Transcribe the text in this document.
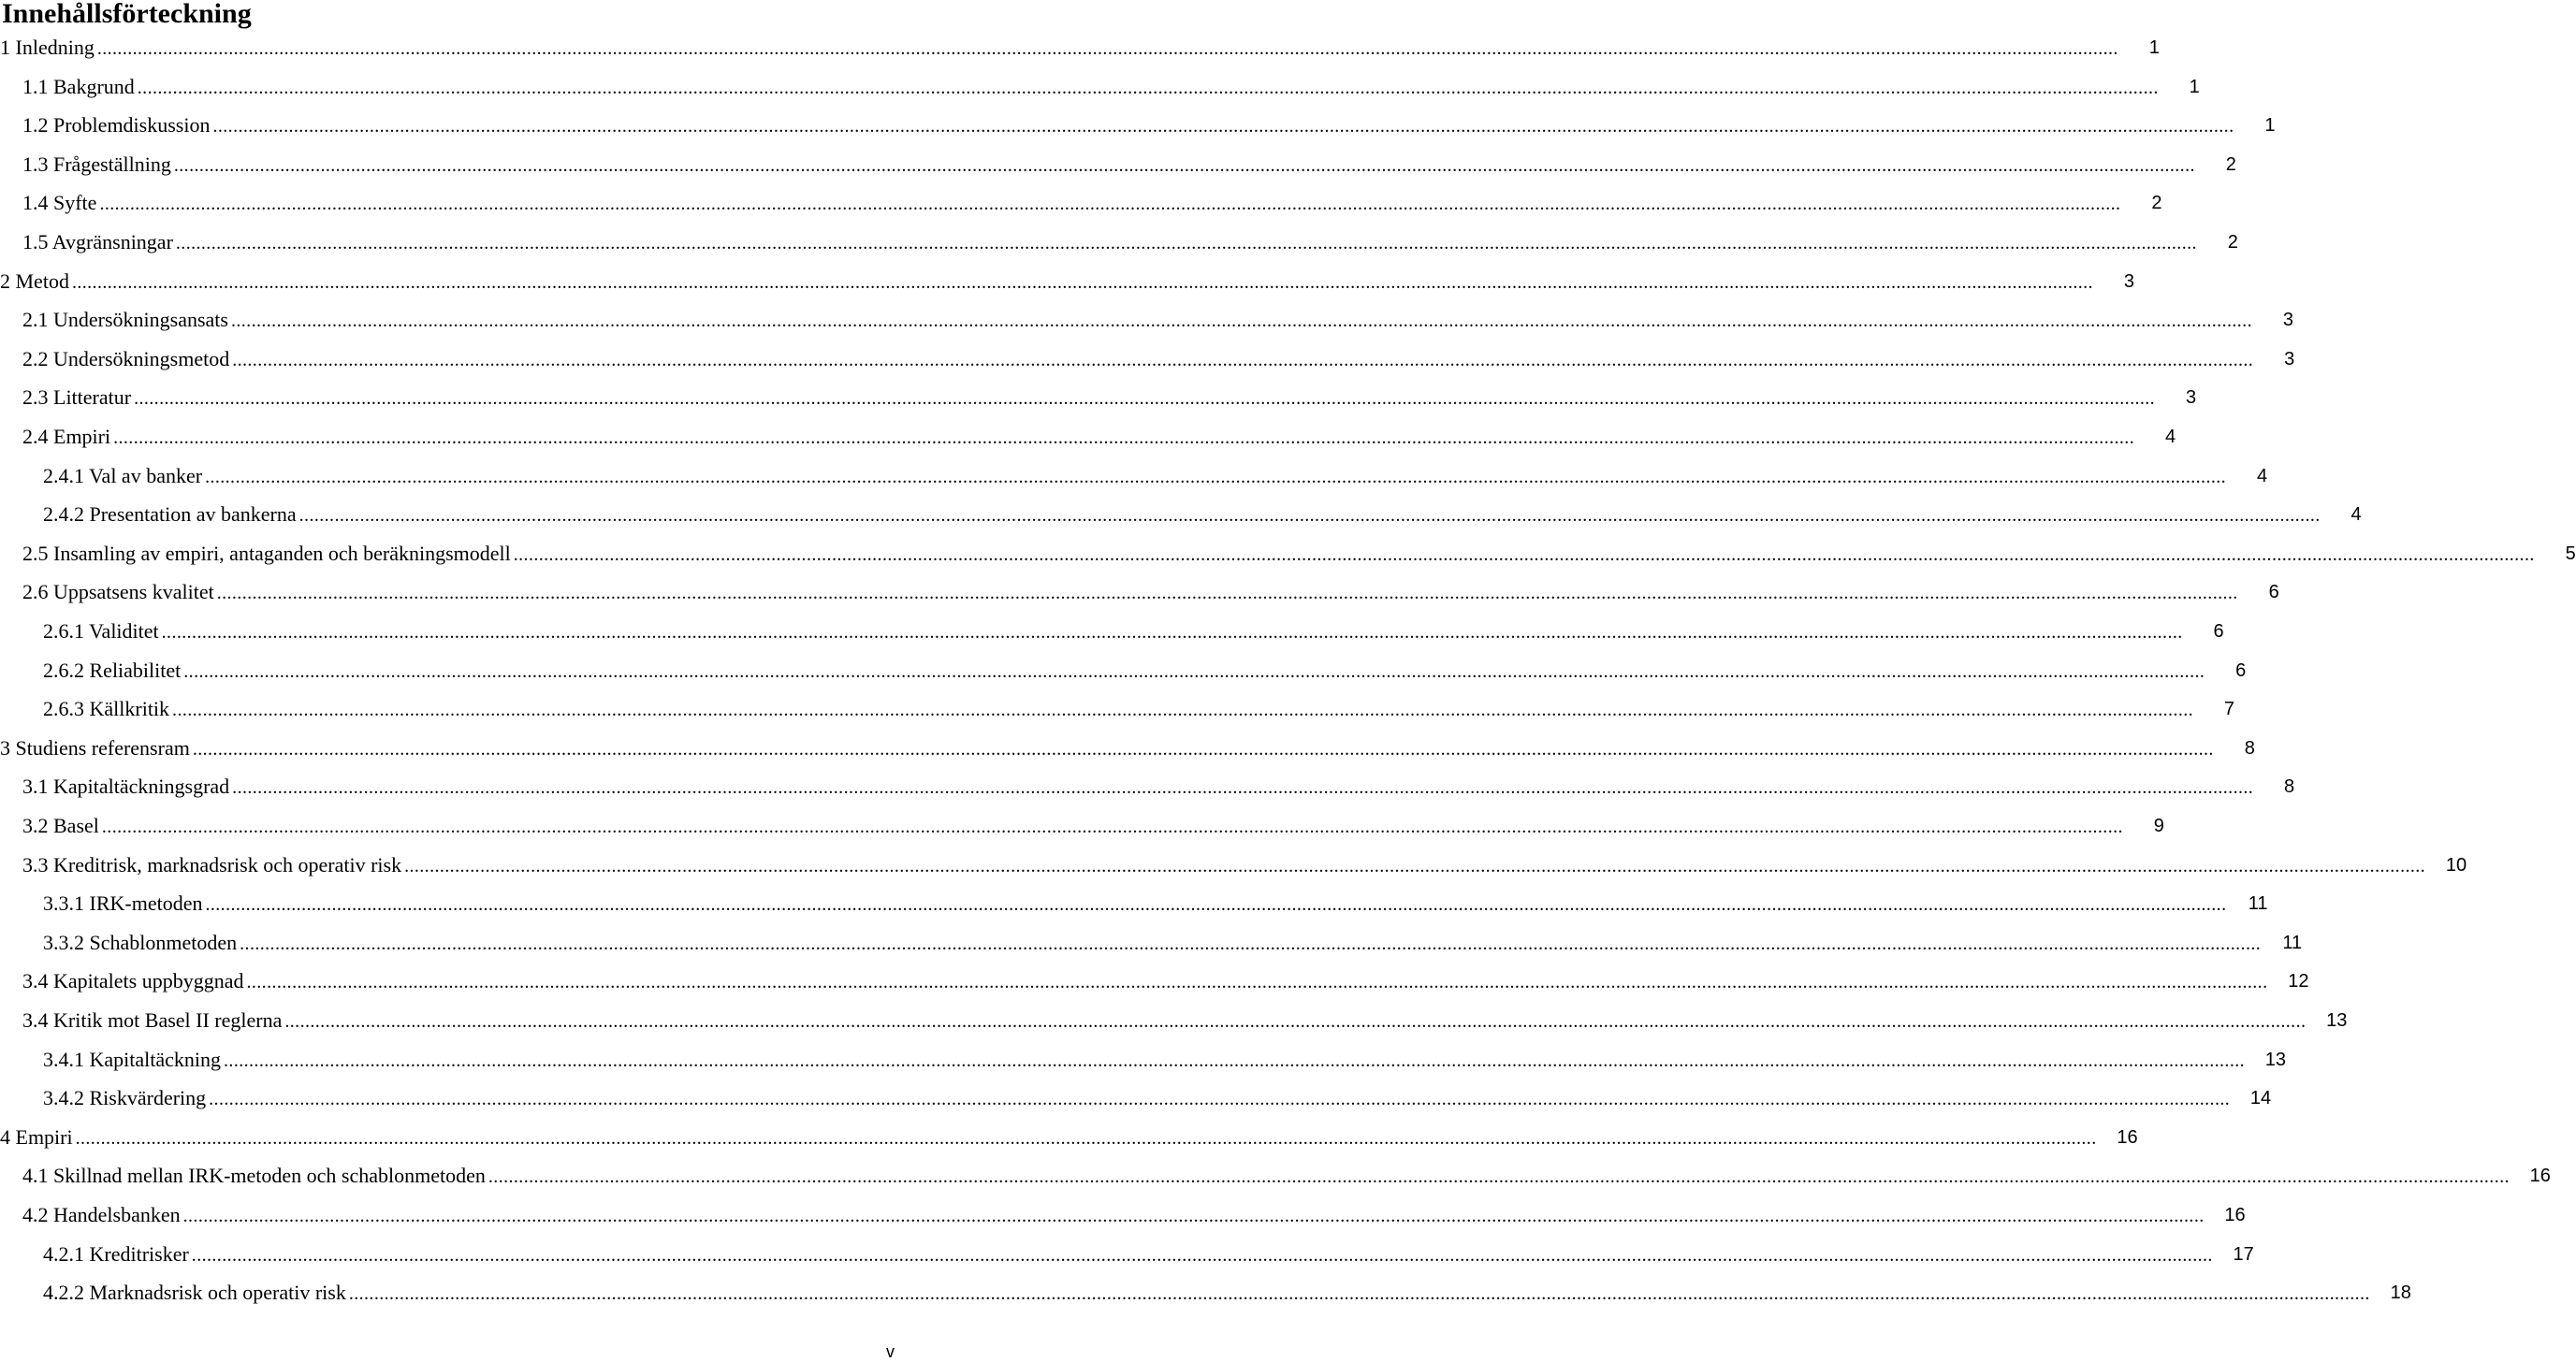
Innehållsförteckning
1 Inledning ................................................................................................................................................................................................................................................................................................................................................................................................................	1
1.1 Bakgrund ................................................................................................................................................................................................................................................................................................................................................................................................................	1
1.2 Problemdiskussion ................................................................................................................................................................................................................................................................................................................................................................................................................	1
1.3 Frågeställning ................................................................................................................................................................................................................................................................................................................................................................................................................	2
1.4 Syfte ................................................................................................................................................................................................................................................................................................................................................................................................................	2
1.5 Avgränsningar ................................................................................................................................................................................................................................................................................................................................................................................................................	2
2 Metod ................................................................................................................................................................................................................................................................................................................................................................................................................	3
2.1 Undersökningsansats ................................................................................................................................................................................................................................................................................................................................................................................................................	3
2.2 Undersökningsmetod ................................................................................................................................................................................................................................................................................................................................................................................................................	3
2.3 Litteratur ................................................................................................................................................................................................................................................................................................................................................................................................................	3
2.4 Empiri ................................................................................................................................................................................................................................................................................................................................................................................................................	4
2.4.1 Val av banker ................................................................................................................................................................................................................................................................................................................................................................................................................	4
2.4.2 Presentation av bankerna ................................................................................................................................................................................................................................................................................................................................................................................................................	4
2.5 Insamling av empiri, antaganden och beräkningsmodell ................................................................................................................................................................................................................................................................................................................................................................................................................	5
2.6 Uppsatsens kvalitet ................................................................................................................................................................................................................................................................................................................................................................................................................	6
2.6.1 Validitet ................................................................................................................................................................................................................................................................................................................................................................................................................	6
2.6.2 Reliabilitet ................................................................................................................................................................................................................................................................................................................................................................................................................	6
2.6.3 Källkritik ................................................................................................................................................................................................................................................................................................................................................................................................................	7
3 Studiens referensram ................................................................................................................................................................................................................................................................................................................................................................................................................	8
3.1 Kapitaltäckningsgrad ................................................................................................................................................................................................................................................................................................................................................................................................................	8
3.2 Basel ................................................................................................................................................................................................................................................................................................................................................................................................................	9
3.3 Kreditrisk, marknadsrisk och operativ risk ................................................................................................................................................................................................................................................................................................................................................................................................................	10
3.3.1 IRK-metoden ................................................................................................................................................................................................................................................................................................................................................................................................................	11
3.3.2 Schablonmetoden ................................................................................................................................................................................................................................................................................................................................................................................................................	11
3.4 Kapitalets uppbyggnad ................................................................................................................................................................................................................................................................................................................................................................................................................	12
3.4 Kritik mot Basel II reglerna ................................................................................................................................................................................................................................................................................................................................................................................................................	13
3.4.1 Kapitaltäckning ................................................................................................................................................................................................................................................................................................................................................................................................................	13
3.4.2 Riskvärdering ................................................................................................................................................................................................................................................................................................................................................................................................................	14
4 Empiri ................................................................................................................................................................................................................................................................................................................................................................................................................	16
4.1 Skillnad mellan IRK-metoden och schablonmetoden ................................................................................................................................................................................................................................................................................................................................................................................................................	16
4.2 Handelsbanken ................................................................................................................................................................................................................................................................................................................................................................................................................	16
4.2.1 Kreditrisker ................................................................................................................................................................................................................................................................................................................................................................................................................	17
4.2.2 Marknadsrisk och operativ risk ................................................................................................................................................................................................................................................................................................................................................................................................................	18
v
